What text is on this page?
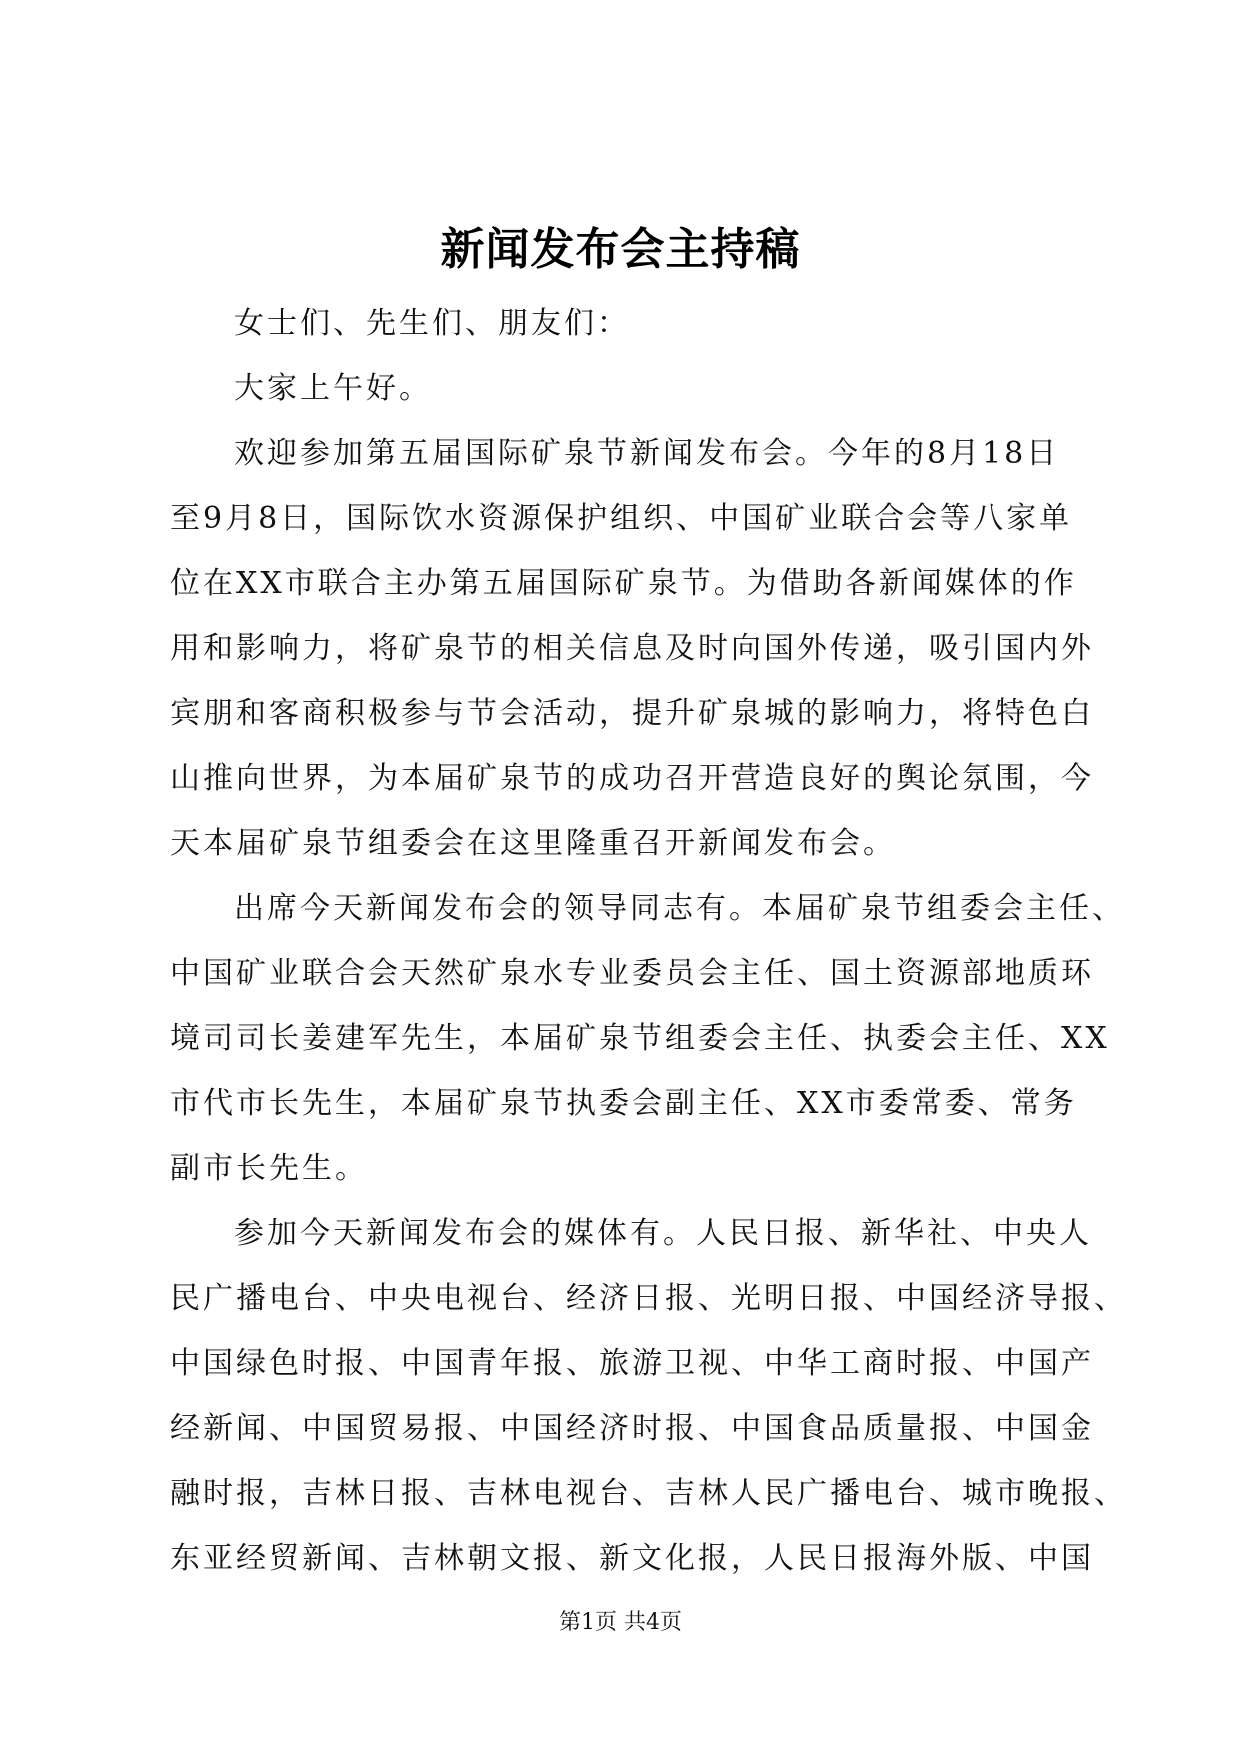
新闻发布会主持稿
女士们、先生们、朋友们：
大家上午好。
欢迎参加第五届国际矿泉节新闻发布会。今年的8月18日
至9月8日，国际饮水资源保护组织、中国矿业联合会等八家单
位在XX市联合主办第五届国际矿泉节。为借助各新闻媒体的作
用和影响力，将矿泉节的相关信息及时向国外传递，吸引国内外
宾朋和客商积极参与节会活动，提升矿泉城的影响力，将特色白
山推向世界，为本届矿泉节的成功召开营造良好的舆论氛围，今
天本届矿泉节组委会在这里隆重召开新闻发布会。
出席今天新闻发布会的领导同志有。本届矿泉节组委会主任、
中国矿业联合会天然矿泉水专业委员会主任、国土资源部地质环
境司司长姜建军先生，本届矿泉节组委会主任、执委会主任、XX
市代市长先生，本届矿泉节执委会副主任、XX市委常委、常务
副市长先生。
参加今天新闻发布会的媒体有。人民日报、新华社、中央人
民广播电台、中央电视台、经济日报、光明日报、中国经济导报、
中国绿色时报、中国青年报、旅游卫视、中华工商时报、中国产
经新闻、中国贸易报、中国经济时报、中国食品质量报、中国金
融时报，吉林日报、吉林电视台、吉林人民广播电台、城市晚报、
东亚经贸新闻、吉林朝文报、新文化报，人民日报海外版、中国
第1页 共4页
